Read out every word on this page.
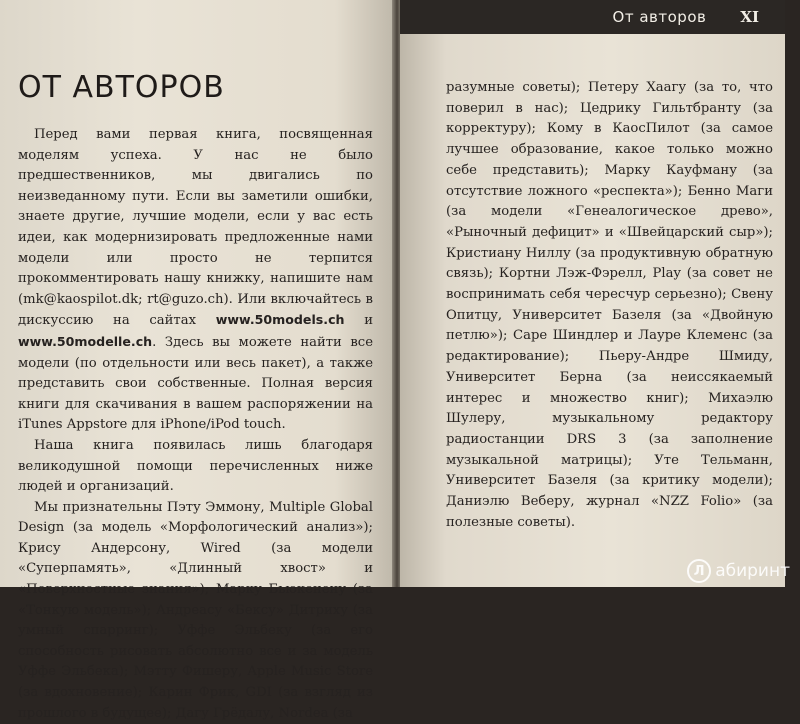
ОТ АВТОРОВ

Перед вами первая книга, посвященная моделям успеха. У нас не было предшественников, мы двигались по неизведанному пути. Если вы заметили ошибки, знаете другие, лучшие модели, если у вас есть идеи, как модернизировать предложенные нами модели или просто не терпится прокомментировать нашу книжку, напишите нам (mk@kaospilot.dk; rt@guzo.ch). Или включайтесь в дискуссию на сайтах www.50models.ch и www.50modelle.ch. Здесь вы можете найти все модели (по отдельности или весь пакет), а также представить свои собственные. Полная версия книги для скачивания в вашем распоряжении на iTunes Appstore для iPhone/iPod touch.

Наша книга появилась лишь благодаря великодушной помощи перечисленных ниже людей и организаций.

Мы признательны Пэту Эммону, Multiple Global Design (за модель «Морфологический анализ»); Крису Андерсону, Wired (за модели «Суперпамять», «Длинный хвост» и «Поверхностные знания»); Марку Бьюкенену (за «Тонкую модель»); Андреасу «Бексу» Дитриху (за умный спарринг); Уффе Эльбеку (за его способность рисовать абсолютно все и за модель Уффе Эльбека); Мэтту Фишеру, Apple Music Store (за вдохновение); Карин Фрик, GDI (за взгляд из прошлого в будущее); Дагу Грёдалу, Nordea (за

От авторов XI

разумные советы); Петеру Хаагу (за то, что поверил в нас); Цедрику Гильтбранту (за корректуру); Кому в КаосПилот (за самое лучшее образование, какое только можно себе представить); Марку Кауфману (за отсутствие ложного «респекта»); Бенно Маги (за модели «Генеалогическое древо», «Рыночный дефицит» и «Швейцарский сыр»); Кристиану Ниллу (за продуктивную обратную связь); Кортни Лэж-Фэрелл, Play (за совет не воспринимать себя чересчур серьезно); Свену Опитцу, Университет Базеля (за «Двойную петлю»); Саре Шиндлер и Лауре Клеменс (за редактирование); Пьеру-Андре Шмиду, Университет Берна (за неиссякаемый интерес и множество книг); Михаэлю Шулеру, музыкальному редактору радиостанции DRS 3 (за заполнение музыкальной матрицы); Уте Тельманн, Университет Базеля (за критику модели); Даниэлю Веберу, журнал «NZZ Folio» (за полезные советы).

Л абиринт
